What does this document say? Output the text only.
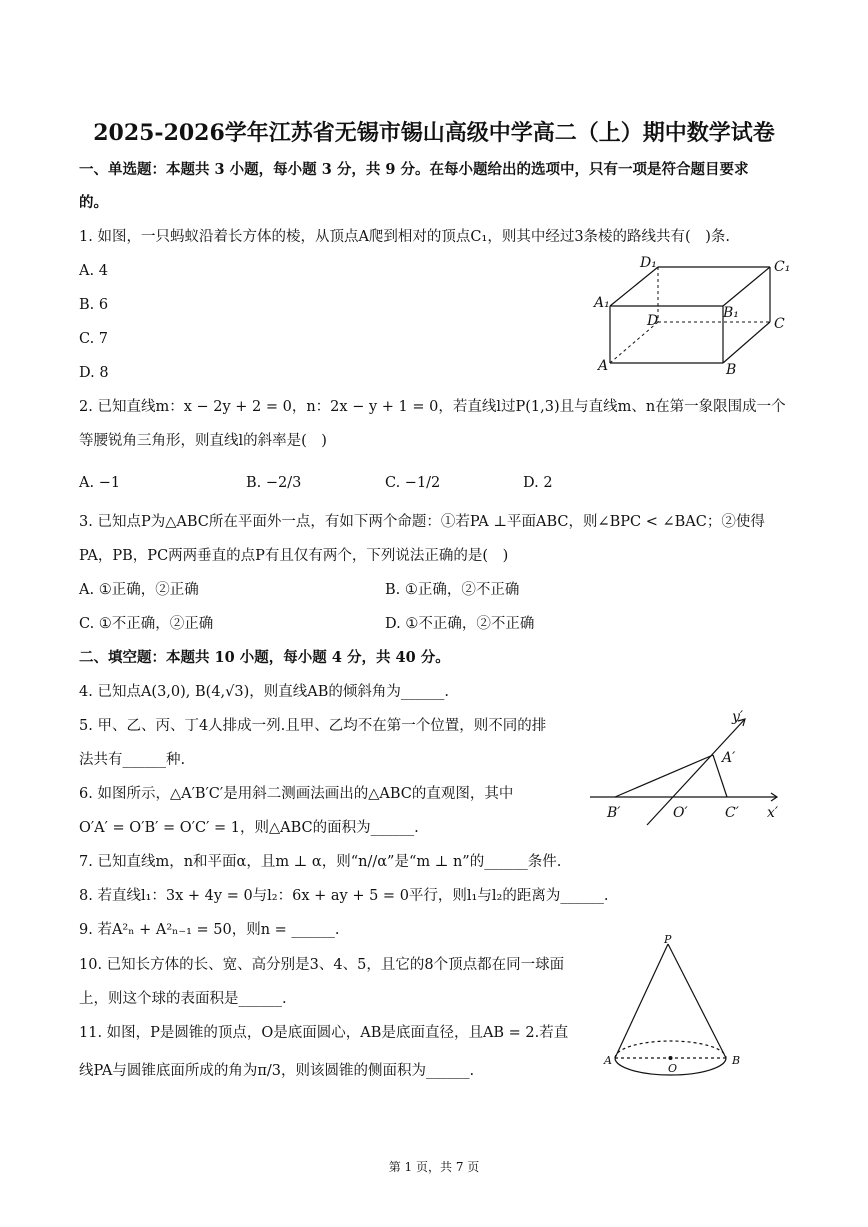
2025-2026学年江苏省无锡市锡山高级中学高二（上）期中数学试卷
一、单选题：本题共 3 小题，每小题 3 分，共 9 分。在每小题给出的选项中，只有一项是符合题目要求
的。
1. 如图，一只蚂蚁沿着长方体的棱，从顶点A爬到相对的顶点C₁，则其中经过3条棱的路线共有(　)条.
A. 4
B. 6
C. 7
D. 8
D₁	C₁
A₁
B₁
D	C
A	B
2. 已知直线m：x − 2y + 2 = 0，n：2x − y + 1 = 0，若直线l过P(1,3)且与直线m、n在第一象限围成一个
等腰锐角三角形，则直线l的斜率是(　)
A. −1	B. −2/3	C. −1/2	D. 2
3. 已知点P为△ABC所在平面外一点，有如下两个命题：①若PA ⊥平面ABC，则∠BPC < ∠BAC；②使得
PA，PB，PC两两垂直的点P有且仅有两个，下列说法正确的是(　)
A. ①正确，②正确	B. ①正确，②不正确
C. ①不正确，②正确	D. ①不正确，②不正确
二、填空题：本题共 10 小题，每小题 4 分，共 40 分。
4. 已知点A(3,0), B(4,√3)，则直线AB的倾斜角为______.
5. 甲、乙、丙、丁4人排成一列.且甲、乙均不在第一个位置，则不同的排
法共有______种.
6. 如图所示，△A′B′C′是用斜二测画法画出的△ABC的直观图，其中
O′A′ = O′B′ = O′C′ = 1，则△ABC的面积为______.
y′
A′
B′	O′	C′ x′
7. 已知直线m，n和平面α，且m ⊥ α，则“n//α”是“m ⊥ n”的______条件.
8. 若直线l₁：3x + 4y = 0与l₂：6x + ay + 5 = 0平行，则l₁与l₂的距离为______.
9. 若A²ₙ + A²ₙ₋₁ = 50，则n = ______.
10. 已知长方体的长、宽、高分别是3、4、5，且它的8个顶点都在同一球面
上，则这个球的表面积是______.
11. 如图，P是圆锥的顶点，O是底面圆心，AB是底面直径，且AB = 2.若直
线PA与圆锥底面所成的角为π/3，则该圆锥的侧面积为______.
P
A
O
B
第 1 页，共 7 页
